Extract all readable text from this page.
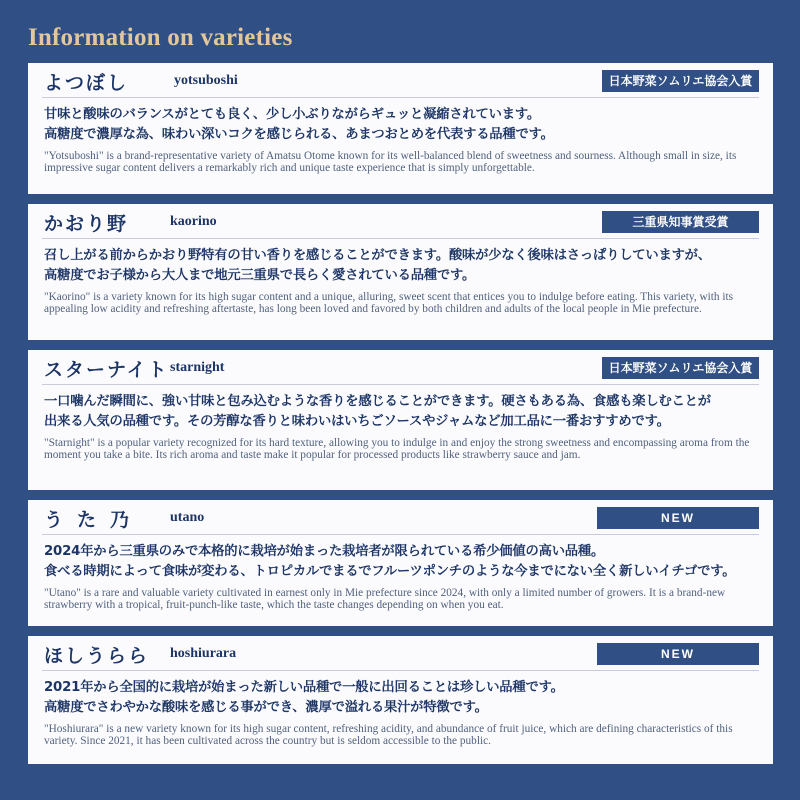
Information on varieties
よつぼし	yotsuboshi	日本野菜ソムリエ協会入賞
甘味と酸味のバランスがとても良く、少し小ぶりながらギュッと凝縮されています。
高糖度で濃厚な為、味わい深いコクを感じられる、あまつおとめを代表する品種です。
"Yotsuboshi" is a brand-representative variety of Amatsu Otome known for its well-balanced blend of sweetness and sourness. Although small in size, its impressive sugar content delivers a remarkably rich and unique taste experience that is simply unforgettable.
かおり野	kaorino	三重県知事賞受賞
召し上がる前からかおり野特有の甘い香りを感じることができます。酸味が少なく後味はさっぱりしていますが、
高糖度でお子様から大人まで地元三重県で長らく愛されている品種です。
"Kaorino" is a variety known for its high sugar content and a unique, alluring, sweet scent that entices you to indulge before eating. This variety, with its appealing low acidity and refreshing aftertaste, has long been loved and favored by both children and adults of the local people in Mie prefecture.
スターナイト starnight	日本野菜ソムリエ協会入賞
一口噛んだ瞬間に、強い甘味と包み込むような香りを感じることができます。硬さもある為、食感も楽しむことが
出来る人気の品種です。その芳醇な香りと味わいはいちごソースやジャムなど加工品に一番おすすめです。
"Starnight" is a popular variety recognized for its hard texture, allowing you to indulge in and enjoy the strong sweetness and encompassing aroma from the moment you take a bite. Its rich aroma and taste make it popular for processed products like strawberry sauce and jam.
うた乃 utano	NEW
2024年から三重県のみで本格的に栽培が始まった栽培者が限られている希少価値の高い品種。
食べる時期によって食味が変わる、トロピカルでまるでフルーツポンチのような今までにない全く新しいイチゴです。
"Utano" is a rare and valuable variety cultivated in earnest only in Mie prefecture since 2024, with only a limited number of growers. It is a brand-new strawberry with a tropical, fruit-punch-like taste, which the taste changes depending on when you eat.
ほしうらら hoshiurara	NEW
2021年から全国的に栽培が始まった新しい品種で一般に出回ることは珍しい品種です。
高糖度でさわやかな酸味を感じる事ができ、濃厚で溢れる果汁が特徴です。
"Hoshiurara" is a new variety known for its high sugar content, refreshing acidity, and abundance of fruit juice, which are defining characteristics of this variety. Since 2021, it has been cultivated across the country but is seldom accessible to the public.
